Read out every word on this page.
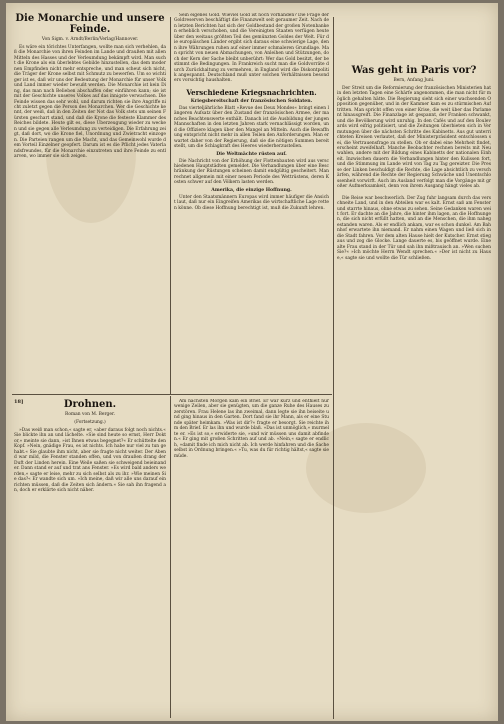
Die Monarchie und unsere Feinde.
Von Sigm. v. Arndt/Berlin/Verlag/Hannover.

Es wäre ein törichtes Unterfangen, wollte man sich verhehlen, daß die Monarchie von ihren Feinden im Lande und draußen mit allen Mitteln des Hasses und der Verleumdung bekämpft wird. Man sucht die Krone als ein überlebtes Gebilde hinzustellen, das dem modernen Empfinden nicht mehr entspreche, und man scheut sich nicht, die Träger der Krone selbst mit Schmutz zu bewerfen. Um so wichtiger ist es, daß wir uns der Bedeutung der Monarchie für unser Volk und Land immer wieder bewußt werden. Die Monarchie ist kein Ding, das man nach Belieben abschaffen oder einführen kann; sie ist mit der Geschichte unseres Volkes auf das innigste verwachsen. Die Feinde wissen das sehr wohl, und darum richten sie ihre Angriffe nicht zuletzt gegen die Person des Monarchen. Wer die Geschichte kennt, der weiß, daß in den Zeiten der Not das Volk stets um seinen Fürsten geschart stand, und daß die Krone die festeste Klammer des Reiches bildete. Heute gilt es, diese Überzeugung wieder zu wecken und sie gegen alle Verleumdung zu verteidigen. Die Erfahrung zeigt, daß dort, wo die Krone fiel, Unordnung und Zwietracht einzogen. Die Parteien rangen um die Macht, und das Gemeinwohl wurde dem Vorteil Einzelner geopfert. Darum ist es die Pflicht jedes Vaterlandsfreundes, für die Monarchie einzutreten und ihre Feinde zu entlarven, wo immer sie sich zeigen.

Sein eigenes Gold. Wieviel Gold ist noch vorhanden? Die Frage der Goldreserven beschäftigt die Finanzwelt seit geraumer Zeit. Nach den letzten Berichten hat sich der Goldbestand der großen Notenbanken erheblich verschoben, und die Vereinigten Staaten verfügen heute über den weitaus größten Teil des gemünzten Goldes der Welt. Für die europäischen Länder ergibt sich daraus eine schwierige Lage, denn ihre Währungen ruhen auf einer immer schmaleren Grundlage. Man spricht von neuen Abmachungen, von Anleihen und Stützungen, doch der Kern der Sache bleibt unberührt: Wer das Gold besitzt, der bestimmt die Bedingungen. In Frankreich sucht man die Goldvorräte durch Zurückhaltung zu vermehren, in England wird die Diskontpolitik angespannt. Deutschland muß unter solchen Verhältnissen besonders vorsichtig haushalten.

Verschiedene Kriegsnachrichten.
Kriegsbereitschaft der französischen Soldaten.

Das vierteljährliche Blatt »Revue des Deux Mondes« bringt einen längeren Aufsatz über den Zustand der französischen Armee, der manches Beachtenswerte enthält. Danach ist die Ausbildung der jungen Mannschaften in den letzten Jahren stark vernachlässigt worden, und die Offiziere klagen über den Mangel an Mitteln. Auch die Bewaffnung entspricht nicht mehr in allen Teilen den Anforderungen. Man erwartet daher von der Regierung, daß sie die nötigen Summen bereitstellt, um die Schlagkraft des Heeres wiederherzustellen.

Die Weltmächte rüsten auf.

Die Nachricht von der Erhöhung der Flottenbauten wird aus verschiedenen Hauptstädten gemeldet. Die Verhandlungen über eine Beschränkung der Rüstungen scheinen damit endgültig gescheitert. Man rechnet allgemein mit einer neuen Periode des Wettrüstens, deren Kosten schwer auf den Völkern lasten werden.

Amerika, die einzige Hoffnung.

Unter den Staatsmännern Europas wird immer häufiger die Ansicht laut, daß nur ein Eingreifen Amerikas die wirtschaftliche Lage retten könne. Ob diese Hoffnung berechtigt ist, muß die Zukunft lehren.

Was geht in Paris vor?
Bern, Anfang Juni.

Der Streit um die Reformierung der französischen Ministerien hat in den letzten Tagen eine Schärfe angenommen, die man nicht für möglich gehalten hätte. Die Regierung sieht sich einer wachsenden Opposition gegenüber, und in der Kammer kam es zu stürmischen Auftritten. Man spricht offen von einer Krise, die weit über das Parlament hinausgreift. Die Finanzlage ist gespannt, der Franken schwankt, und die Bevölkerung wird unruhig. In den Cafés und auf den Boulevards wird eifrig politisiert, und die Zeitungen überbieten sich in Vermutungen über die nächsten Schritte des Kabinetts. Aus gut unterrichteten Kreisen verlautet, daß der Ministerpräsident entschlossen sei, die Vertrauensfrage zu stellen. Ob er dabei eine Mehrheit findet, erscheint zweifelhaft. Manche Beobachter rechnen bereits mit Neuwahlen, andere mit der Bildung eines Kabinetts der nationalen Einheit. Inzwischen dauern die Verhandlungen hinter den Kulissen fort, und die Stimmung im Lande wird von Tag zu Tag gereizter. Die Presse der Linken beschuldigt die Rechte, die Lage absichtlich zu verschärfen, während die Rechte der Regierung Schwäche und Unentschlossenheit vorwirft. Auch im Ausland verfolgt man die Vorgänge mit großer Aufmerksamkeit, denn von ihrem Ausgang hängt vieles ab.

Die Reise war beschwerlich. Der Zug fuhr langsam durch das verschneite Land, und in den Abteilen war es kalt. Ernst saß am Fenster und starrte hinaus, ohne etwas zu sehen. Seine Gedanken waren weit fort. Er dachte an die Jahre, die hinter ihm lagen, an die Hoffnungen, die sich nicht erfüllt hatten, und an die Menschen, die ihm nahegestanden waren. Als er endlich ankam, war es schon dunkel. Am Bahnhof erwartete ihn niemand. Er nahm einen Wagen und ließ sich in die Stadt fahren. Vor dem alten Hause hielt der Kutscher. Ernst stieg aus und zog die Glocke. Lange dauerte es, bis geöffnet wurde. Eine alte Frau stand in der Tür und sah ihn mißtrauisch an. »Wen suchen Sie?« »Ich möchte Herrn Wendt sprechen.« »Der ist nicht zu Hause,« sagte sie und wollte die Tür schließen.

18]	Drohnen.
Roman von M. Berger.
(Fortsetzung.)

»Das weiß man schon,« sagte er, »aber daraus folgt noch nichts.« Sie blickte ihn an und lächelte. »Sie sind heute so ernst, Herr Doktor,« meinte sie dann, »ist Ihnen etwas begegnet?« Er schüttelte den Kopf. »Nein, gnädige Frau, es ist nichts. Ich habe nur viel zu tun gehabt.« Sie glaubte ihm nicht, aber sie fragte nicht weiter. Der Abend war mild, die Fenster standen offen, und von draußen drang der Duft der Linden herein. Eine Weile saßen sie schweigend beieinander. Dann stand er auf und trat ans Fenster. »Es wird bald anders werden,« sagte er leise, mehr zu sich selbst als zu ihr. »Wie meinen Sie das?« Er wandte sich um. »Ich meine, daß wir alle uns darauf einrichten müssen, daß die Zeiten sich ändern.« Sie sah ihn fragend an, doch er erklärte sich nicht näher.

Am nächsten Morgen kam ein Brief. Er war kurz und enthielt nur wenige Zeilen, aber sie genügten, um die ganze Ruhe des Hauses zu zerstören. Frau Helene las ihn zweimal, dann legte sie ihn beiseite und ging hinaus in den Garten. Dort fand sie ihr Mann, als er eine Stunde später heimkam. »Was ist dir?« fragte er besorgt. Sie reichte ihm den Brief. Er las ihn und wurde blaß. »Das ist unmöglich,« murmelte er. »Es ist so,« erwiderte sie, »und wir müssen uns damit abfinden.« Er ging mit großen Schritten auf und ab. »Nein,« sagte er endlich, »damit finde ich mich nicht ab. Ich werde hinfahren und die Sache selbst in Ordnung bringen.« »Tu, was du für richtig hältst,« sagte sie müde.
